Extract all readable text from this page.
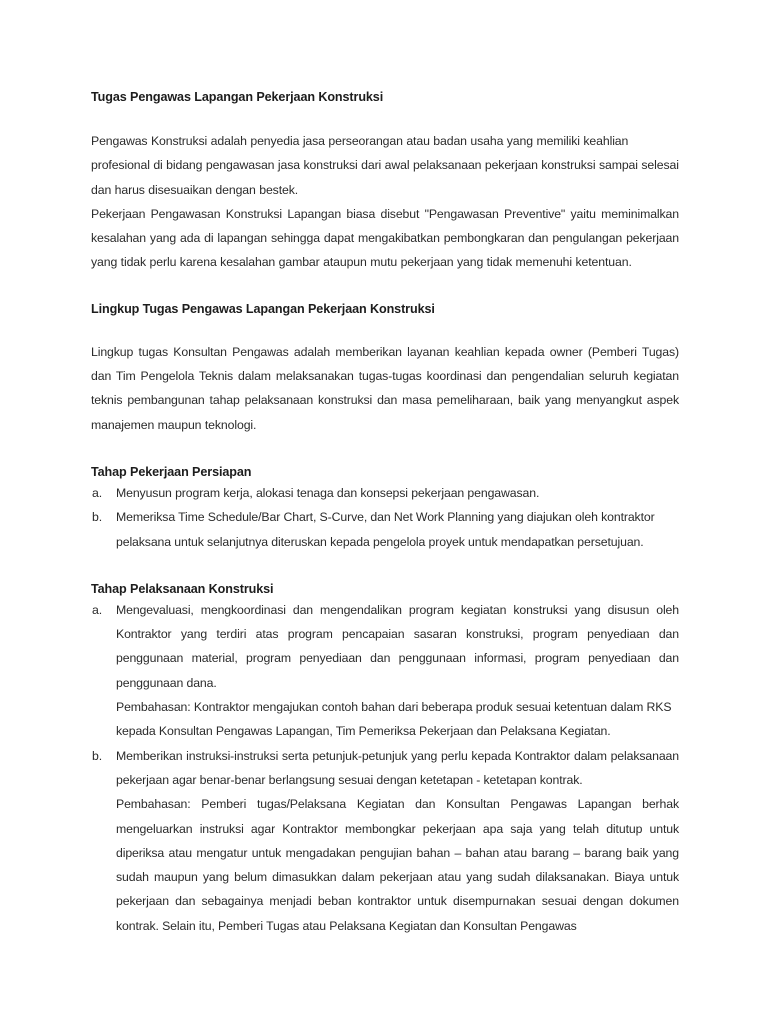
Tugas Pengawas Lapangan Pekerjaan Konstruksi

Pengawas Konstruksi adalah penyedia jasa perseorangan atau badan usaha yang memiliki keahlian profesional di bidang pengawasan jasa konstruksi dari awal pelaksanaan pekerjaan konstruksi sampai selesai dan harus disesuaikan dengan bestek.

Pekerjaan Pengawasan Konstruksi Lapangan biasa disebut "Pengawasan Preventive" yaitu meminimalkan kesalahan yang ada di lapangan sehingga dapat mengakibatkan pembongkaran dan pengulangan pekerjaan yang tidak perlu karena kesalahan gambar ataupun mutu pekerjaan yang tidak memenuhi ketentuan.

Lingkup Tugas Pengawas Lapangan Pekerjaan Konstruksi

Lingkup tugas Konsultan Pengawas adalah memberikan layanan keahlian kepada owner (Pemberi Tugas) dan Tim Pengelola Teknis dalam melaksanakan tugas-tugas koordinasi dan pengendalian seluruh kegiatan teknis pembangunan tahap pelaksanaan konstruksi dan masa pemeliharaan, baik yang menyangkut aspek manajemen maupun teknologi.

Tahap Pekerjaan Persiapan
a.	Menyusun program kerja, alokasi tenaga dan konsepsi pekerjaan pengawasan.
b.	Memeriksa Time Schedule/Bar Chart, S-Curve, dan Net Work Planning yang diajukan oleh kontraktor pelaksana untuk selanjutnya diteruskan kepada pengelola proyek untuk mendapatkan persetujuan.
Tahap Pelaksanaan Konstruksi
a.	Mengevaluasi, mengkoordinasi dan mengendalikan program kegiatan konstruksi yang disusun oleh Kontraktor yang terdiri atas program pencapaian sasaran konstruksi, program penyediaan dan penggunaan material, program penyediaan dan penggunaan informasi, program penyediaan dan penggunaan dana.
Pembahasan: Kontraktor mengajukan contoh bahan dari beberapa produk sesuai ketentuan dalam RKS kepada Konsultan Pengawas Lapangan, Tim Pemeriksa Pekerjaan dan Pelaksana Kegiatan.
b.	Memberikan instruksi-instruksi serta petunjuk-petunjuk yang perlu kepada Kontraktor dalam pelaksanaan pekerjaan agar benar-benar berlangsung sesuai dengan ketetapan - ketetapan kontrak.
Pembahasan: Pemberi tugas/Pelaksana Kegiatan dan Konsultan Pengawas Lapangan berhak mengeluarkan instruksi agar Kontraktor membongkar pekerjaan apa saja yang telah ditutup untuk diperiksa atau mengatur untuk mengadakan pengujian bahan – bahan atau barang – barang baik yang sudah maupun yang belum dimasukkan dalam pekerjaan atau yang sudah dilaksanakan. Biaya untuk pekerjaan dan sebagainya menjadi beban kontraktor untuk disempurnakan sesuai dengan dokumen kontrak. Selain itu, Pemberi Tugas atau Pelaksana Kegiatan dan Konsultan Pengawas
